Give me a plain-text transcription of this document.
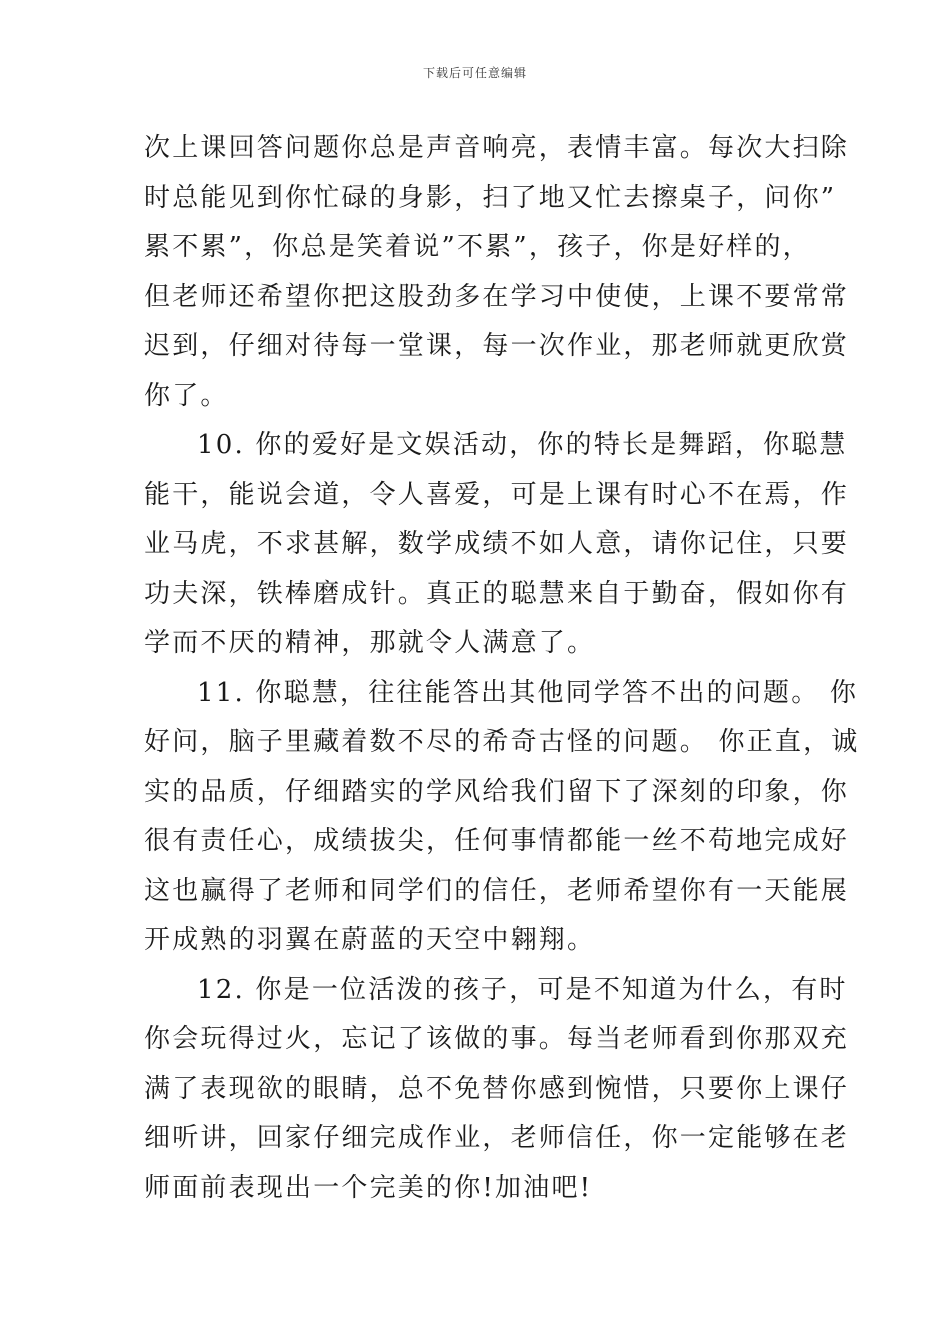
下载后可任意编辑
次上课回答问题你总是声音响亮，表情丰富。每次大扫除
时总能见到你忙碌的身影，扫了地又忙去擦桌子，问你”
累不累”，你总是笑着说”不累”，孩子，你是好样的，
但老师还希望你把这股劲多在学习中使使，上课不要常常
迟到，仔细对待每一堂课，每一次作业，那老师就更欣赏
你了。
10. 你的爱好是文娱活动，你的特长是舞蹈，你聪慧
能干，能说会道，令人喜爱，可是上课有时心不在焉，作
业马虎，不求甚解，数学成绩不如人意，请你记住，只要
功夫深，铁棒磨成针。真正的聪慧来自于勤奋，假如你有
学而不厌的精神，那就令人满意了。
11. 你聪慧，往往能答出其他同学答不出的问题。 你
好问，脑子里藏着数不尽的希奇古怪的问题。 你正直，诚
实的品质，仔细踏实的学风给我们留下了深刻的印象，你
很有责任心，成绩拔尖，任何事情都能一丝不苟地完成好
这也赢得了老师和同学们的信任，老师希望你有一天能展
开成熟的羽翼在蔚蓝的天空中翱翔。
12. 你是一位活泼的孩子，可是不知道为什么，有时
你会玩得过火，忘记了该做的事。每当老师看到你那双充
满了表现欲的眼睛，总不免替你感到惋惜，只要你上课仔
细听讲，回家仔细完成作业，老师信任，你一定能够在老
师面前表现出一个完美的你!加油吧!
